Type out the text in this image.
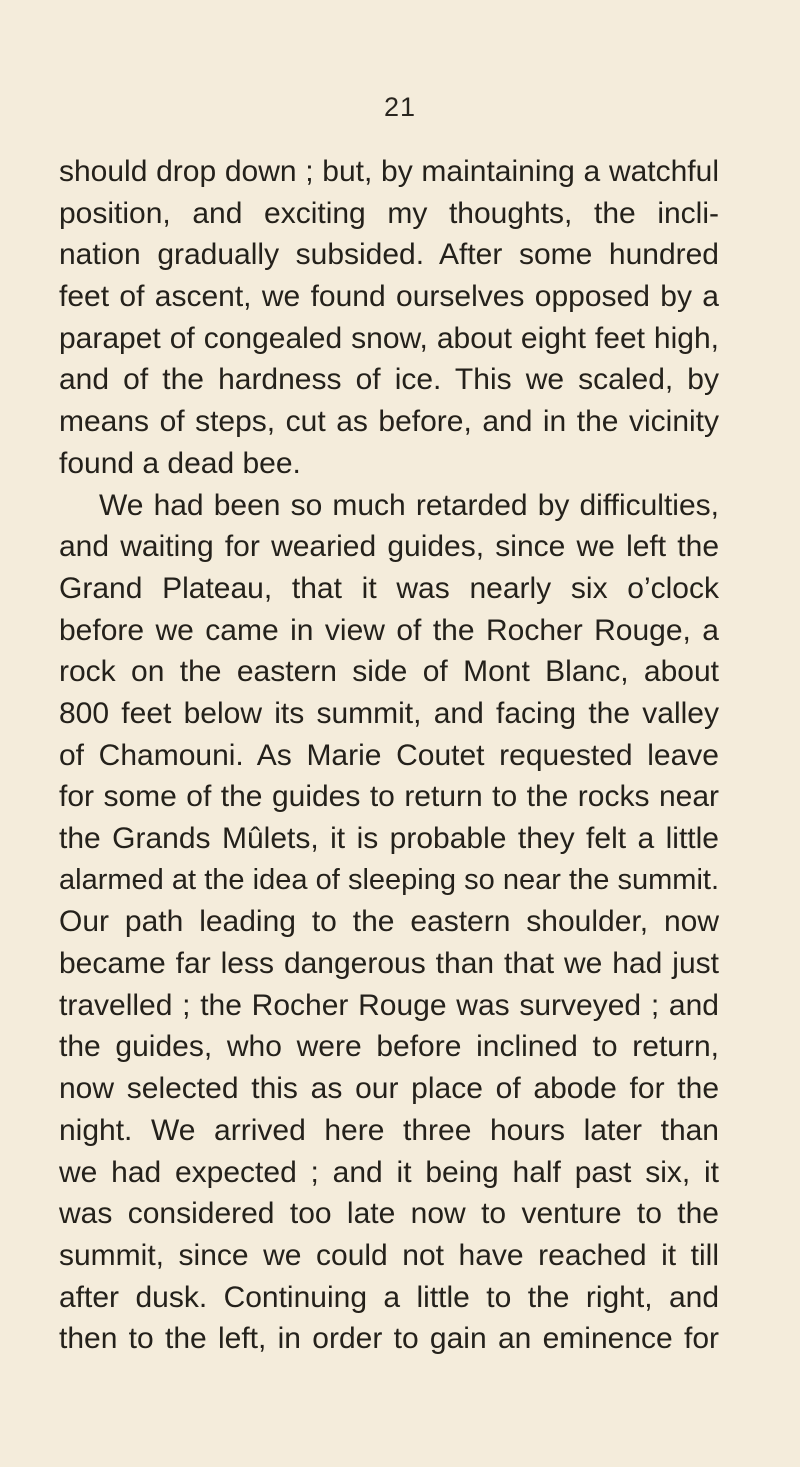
21
should drop down ; but, by maintaining a watchful
position, and exciting my thoughts, the incli-
nation gradually subsided. After some hundred
feet of ascent, we found ourselves opposed by a
parapet of congealed snow, about eight feet high,
and of the hardness of ice. This we scaled, by
means of steps, cut as before, and in the vicinity
found a dead bee.
We had been so much retarded by difficulties,
and waiting for wearied guides, since we left the
Grand Plateau, that it was nearly six o’clock
before we came in view of the Rocher Rouge, a
rock on the eastern side of Mont Blanc, about
800 feet below its summit, and facing the valley
of Chamouni. As Marie Coutet requested leave
for some of the guides to return to the rocks near
the Grands Mûlets, it is probable they felt a little
alarmed at the idea of sleeping so near the summit.
Our path leading to the eastern shoulder, now
became far less dangerous than that we had just
travelled ; the Rocher Rouge was surveyed ; and
the guides, who were before inclined to return,
now selected this as our place of abode for the
night. We arrived here three hours later than
we had expected ; and it being half past six, it
was considered too late now to venture to the
summit, since we could not have reached it till
after dusk. Continuing a little to the right, and
then to the left, in order to gain an eminence for
